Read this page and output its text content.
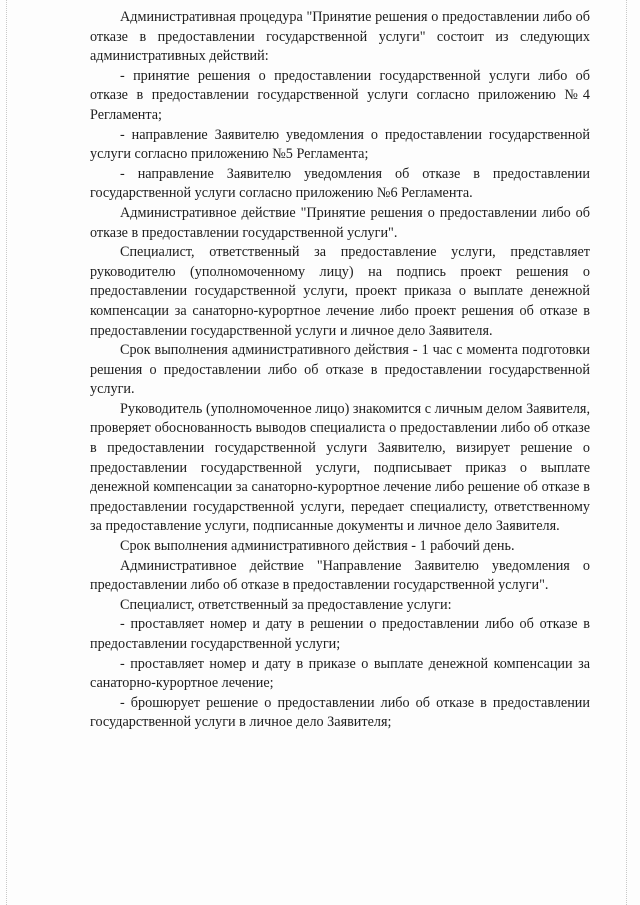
Административная процедура "Принятие решения о предоставлении либо об отказе в предоставлении государственной услуги" состоит из следующих административных действий:

- принятие решения о предоставлении государственной услуги либо об отказе в предоставлении государственной услуги согласно приложению №4 Регламента;

- направление Заявителю уведомления о предоставлении государственной услуги согласно приложению №5 Регламента;

- направление Заявителю уведомления об отказе в предоставлении государственной услуги согласно приложению №6 Регламента.

Административное действие "Принятие решения о предоставлении либо об отказе в предоставлении государственной услуги".

Специалист, ответственный за предоставление услуги, представляет руководителю (уполномоченному лицу) на подпись проект решения о предоставлении государственной услуги, проект приказа о выплате денежной компенсации за санаторно-курортное лечение либо проект решения об отказе в предоставлении государственной услуги и личное дело Заявителя.

Срок выполнения административного действия - 1 час с момента подготовки решения о предоставлении либо об отказе в предоставлении государственной услуги.

Руководитель (уполномоченное лицо) знакомится с личным делом Заявителя, проверяет обоснованность выводов специалиста о предоставлении либо об отказе в предоставлении государственной услуги Заявителю, визирует решение о предоставлении государственной услуги, подписывает приказ о выплате денежной компенсации за санаторно-курортное лечение либо решение об отказе в предоставлении государственной услуги, передает специалисту, ответственному за предоставление услуги, подписанные документы и личное дело Заявителя.

Срок выполнения административного действия - 1 рабочий день.

Административное действие "Направление Заявителю уведомления о предоставлении либо об отказе в предоставлении государственной услуги".

Специалист, ответственный за предоставление услуги:

- проставляет номер и дату в решении о предоставлении либо об отказе в предоставлении государственной услуги;

- проставляет номер и дату в приказе о выплате денежной компенсации за санаторно-курортное лечение;

- брошюрует решение о предоставлении либо об отказе в предоставлении государственной услуги в личное дело Заявителя;
